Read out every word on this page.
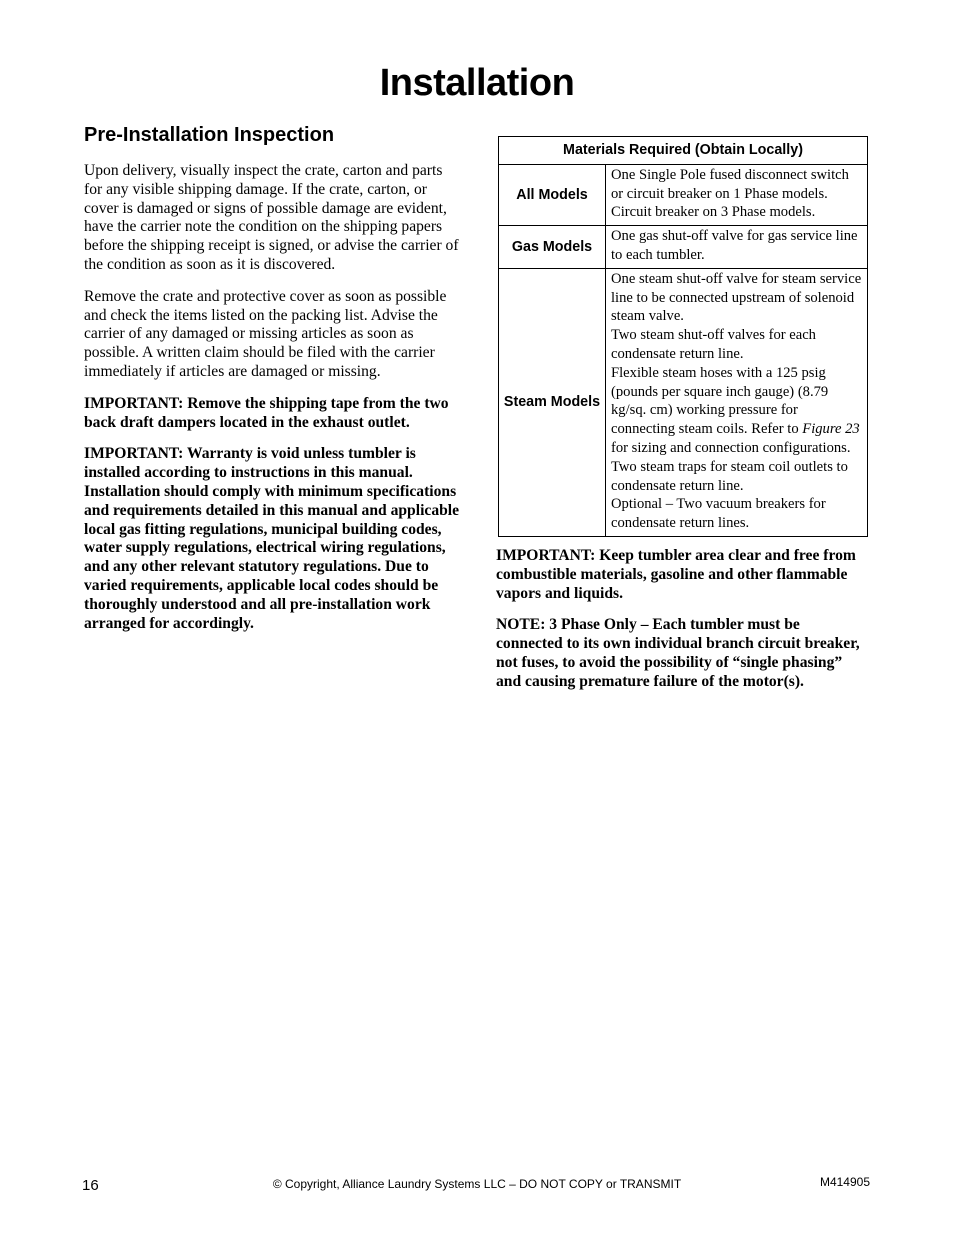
Installation
Pre-Installation Inspection

Upon delivery, visually inspect the crate, carton and parts for any visible shipping damage. If the crate, carton, or cover is damaged or signs of possible damage are evident, have the carrier note the condition on the shipping papers before the shipping receipt is signed, or advise the carrier of the condition as soon as it is discovered.

Remove the crate and protective cover as soon as possible and check the items listed on the packing list. Advise the carrier of any damaged or missing articles as soon as possible. A written claim should be filed with the carrier immediately if articles are damaged or missing.

IMPORTANT: Remove the shipping tape from the two back draft dampers located in the exhaust outlet.

IMPORTANT: Warranty is void unless tumbler is installed according to instructions in this manual. Installation should comply with minimum specifications and requirements detailed in this manual and applicable local gas fitting regulations, municipal building codes, water supply regulations, electrical wiring regulations, and any other relevant statutory regulations. Due to varied requirements, applicable local codes should be thoroughly understood and all pre-installation work arranged for accordingly.

Materials Required (Obtain Locally)	
All Models	One Single Pole fused disconnect switch or circuit breaker on 1 Phase models.
Circuit breaker on 3 Phase models.

Gas Models	One gas shut-off valve for gas service line to each tumbler.

Steam Models	One steam shut-off valve for steam service line to be connected upstream of solenoid steam valve.
Two steam shut-off valves for each condensate return line.
Flexible steam hoses with a 125 psig (pounds per square inch gauge) (8.79 kg/sq. cm) working pressure for connecting steam coils. Refer to Figure 23 for sizing and connection configurations.
Two steam traps for steam coil outlets to condensate return line.
Optional – Two vacuum breakers for condensate return lines.

IMPORTANT: Keep tumbler area clear and free from combustible materials, gasoline and other flammable vapors and liquids.

NOTE: 3 Phase Only – Each tumbler must be connected to its own individual branch circuit breaker, not fuses, to avoid the possibility of “single phasing” and causing premature failure of the motor(s).

16	© Copyright, Alliance Laundry Systems LLC – DO NOT COPY or TRANSMIT	M414905
